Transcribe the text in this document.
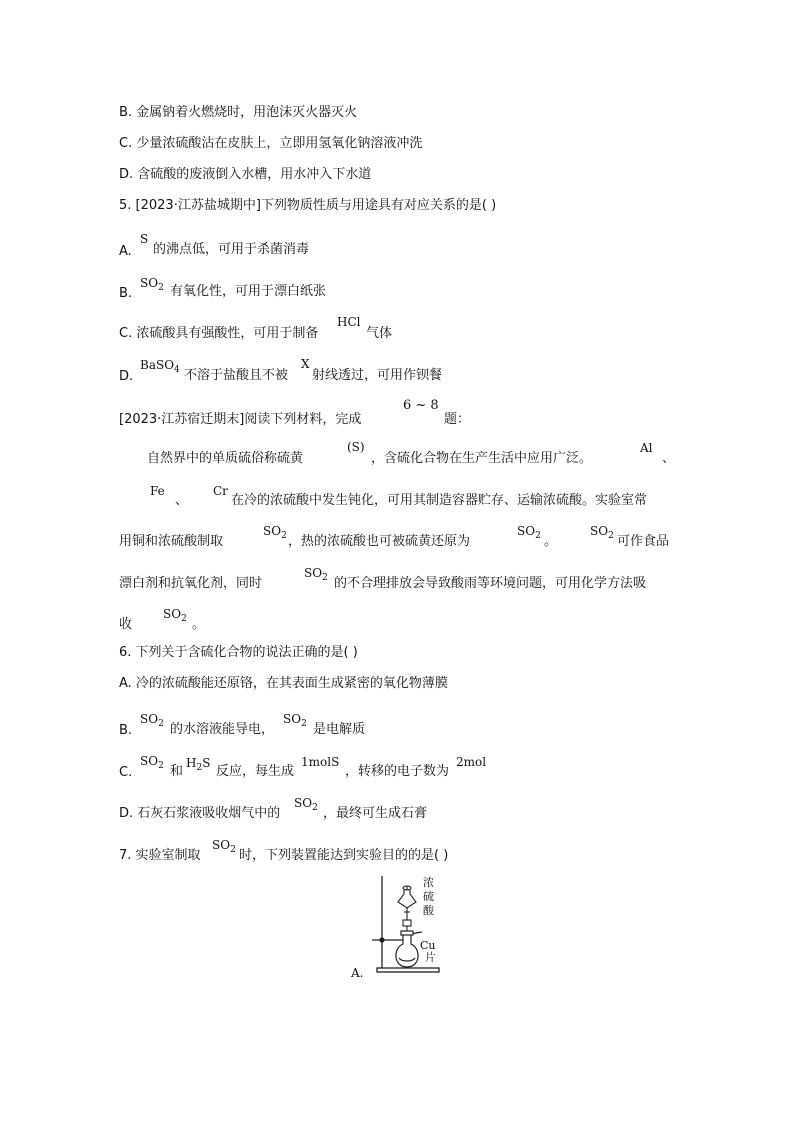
B. 金属钠着火燃烧时，用泡沫灭火器灭火
C. 少量浓硫酸沾在皮肤上，立即用氢氧化钠溶液冲洗
D. 含硫酸的废液倒入水槽，用水冲入下水道
5. [2023·江苏盐城期中]下列物质性质与用途具有对应关系的是( )
A.
S
的沸点低，可用于杀菌消毒
B.
$SO_2$ 有氧化性，可用于漂白纸张
C. 浓硫酸具有强酸性，可用于制备
HCl
气体
D.
BaSO$_4$ 不溶于盐酸且不被
X
射线透过，可用作钡餐
[2023·江苏宿迁期末]阅读下列材料，完成
6 ~ 8
题：
自然界中的单质硫俗称硫黄
(S)
，含硫化合物在生产生活中应用广泛。
Al
、
Fe
、
Cr
在冷的浓硫酸中发生钝化，可用其制造容器贮存、运输浓硫酸。实验室常
用铜和浓硫酸制取
$SO_2$ ，热的浓硫酸也可被硫黄还原为
$SO_2$ 。
$SO_2$ 可作食品
漂白剂和抗氧化剂，同时
$SO_2$ 的不合理排放会导致酸雨等环境问题，可用化学方法吸
收
$SO_2$ 。
6. 下列关于含硫化合物的说法正确的是( )
A. 冷的浓硫酸能还原铬，在其表面生成紧密的氧化物薄膜
B.
$SO_2$ 的水溶液能导电，
$SO_2$ 是电解质
C.
$SO_2$ 和
$H_2S$
反应，每生成
1molS
，转移的电子数为
2mol
D. 石灰石浆液吸收烟气中的
$SO_2$ ，最终可生成石膏
7. 实验室制取
$SO_2$ 时，下列装置能达到实验目的的是( )
浓
硫
酸
Cu
片
A.
